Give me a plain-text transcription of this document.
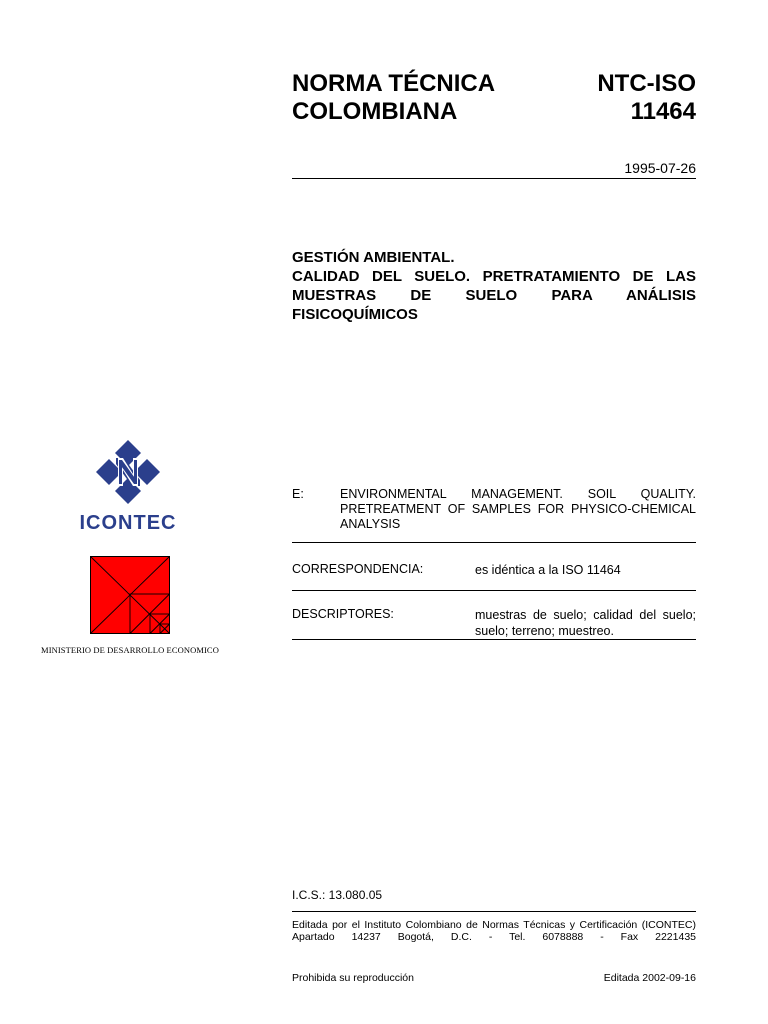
NORMA TÉCNICA
COLOMBIANA
NTC-ISO
11464
1995-07-26
GESTIÓN AMBIENTAL.
CALIDAD DEL SUELO. PRETRATAMIENTO DE LAS
MUESTRAS DE SUELO PARA ANÁLISIS
FISICOQUÍMICOS
ICONTEC
MINISTERIO DE DESARROLLO ECONOMICO
E:	ENVIRONMENTAL MANAGEMENT. SOIL QUALITY.
PRETREATMENT OF SAMPLES FOR PHYSICO-CHEMICAL
ANALYSIS
CORRESPONDENCIA:	es idéntica a la ISO 11464
DESCRIPTORES:	muestras de suelo; calidad del suelo;
suelo; terreno; muestreo.
I.C.S.: 13.080.05
Editada por el Instituto Colombiano de Normas Técnicas y Certificación (ICONTEC)
Apartado 14237 Bogotá, D.C. - Tel. 6078888 - Fax 2221435
Prohibida su reproducción	Editada 2002-09-16
